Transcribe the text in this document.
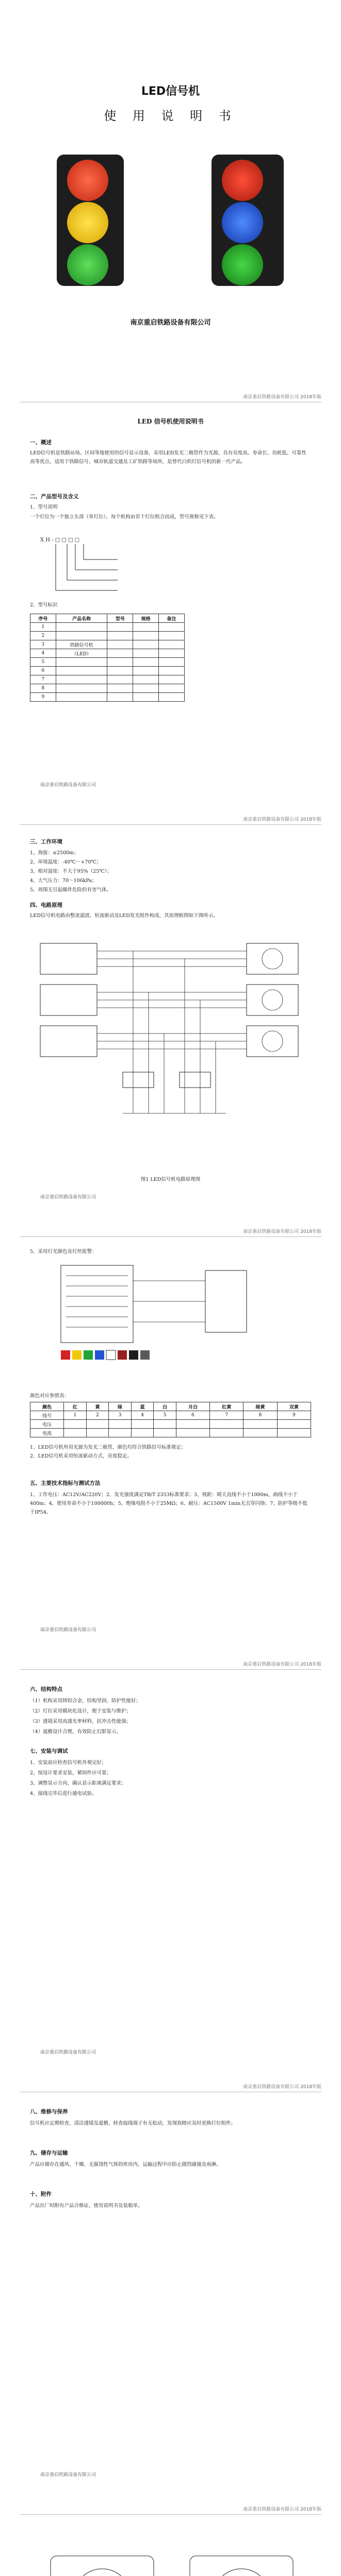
LED信号机
使 用 说 明 书
南京重启铁路设备有限公司
南京重启铁路设备有限公司 2018年版
LED 信号机使用说明书
一、概述
LED信号机是铁路站场、区间等地使用的信号显示设备，采用LED发光二极管作为光源，具有亮度高、寿命长、功耗低、可靠性高等优点，适用于铁路信号、城市轨道交通及工矿铁路等场所，是替代白炽灯信号机的新一代产品。
二、产品型号及含义
1、型号说明
一个灯位为一个独立头部（单灯位），每个机构由若干灯位组合而成，型号规格见下表。
X H - □ □ □ □
2、型号标识
序号	产品名称	型号	规格	备注
1				
2				
3	铁路信号机			
4	（LED）			
5				
6				
7				
8				
9				
南京重启铁路设备有限公司
南京重启铁路设备有限公司 2018年版
三、工作环境
1、海拔：≤2500m；
2、环境温度：-40℃～+70℃；
3、相对湿度：不大于95%（25℃）；
4、大气压力：70～106kPa；
5、周围无引起爆炸危险的有害气体。
四、电路原理
LED信号机电路由整流滤波、恒流驱动及LED发光组件构成，其原理框图如下图所示。
图1 LED信号机电路原理图
南京重启铁路设备有限公司
南京重启铁路设备有限公司 2018年版
5、采用灯光颜色及灯丝报警：
颜色对应参照表：
颜色	红	黄	绿	蓝	白	月白	红黄	绿黄	双黄
线号	1	2	3	4	5	6	7	8	9
电压									
电流									
1、LED信号机所用光源为发光二极管，颜色均符合铁路信号标准规定；
2、LED信号机采用恒流驱动方式，亮度稳定。
五、主要技术指标与测试方法
1、工作电压：AC12V/AC220V；2、发光强度满足TB/T 2353标准要求；3、视距：晴天直线不小于1000m，曲线不小于400m；4、使用寿命不小于100000h；5、绝缘电阻不小于25MΩ；6、耐压：AC1500V 1min无击穿闪络；7、防护等级不低于IP54。
南京重启铁路设备有限公司
南京重启铁路设备有限公司 2018年版
六、结构特点
（1）机构采用铸铝合金，结构坚固，防护性能好；
（2）灯位采用模块化设计，便于安装与维护；
（3）透镜采用高透光率材料，抗冲击性能强；
（4）遮檐设计合理，有效防止幻影显示。
七、安装与调试
1、安装前应检查信号机外观完好；
2、按设计要求安装，紧固件应可靠；
3、调整显示方向，确认显示距离满足要求；
4、接线完毕后进行通电试验。
南京重启铁路设备有限公司
南京重启铁路设备有限公司 2018年版
八、维修与保养
信号机应定期检查，清洁透镜及遮檐，检查接线端子有无松动，发现故障应及时更换灯位组件。
九、储存与运输
产品应储存在通风、干燥、无腐蚀性气体的库房内，运输过程中应防止剧烈碰撞及雨淋。
十、附件
产品出厂时附有产品合格证、使用说明书及装箱单。
南京重启铁路设备有限公司
南京重启铁路设备有限公司 2018年版
